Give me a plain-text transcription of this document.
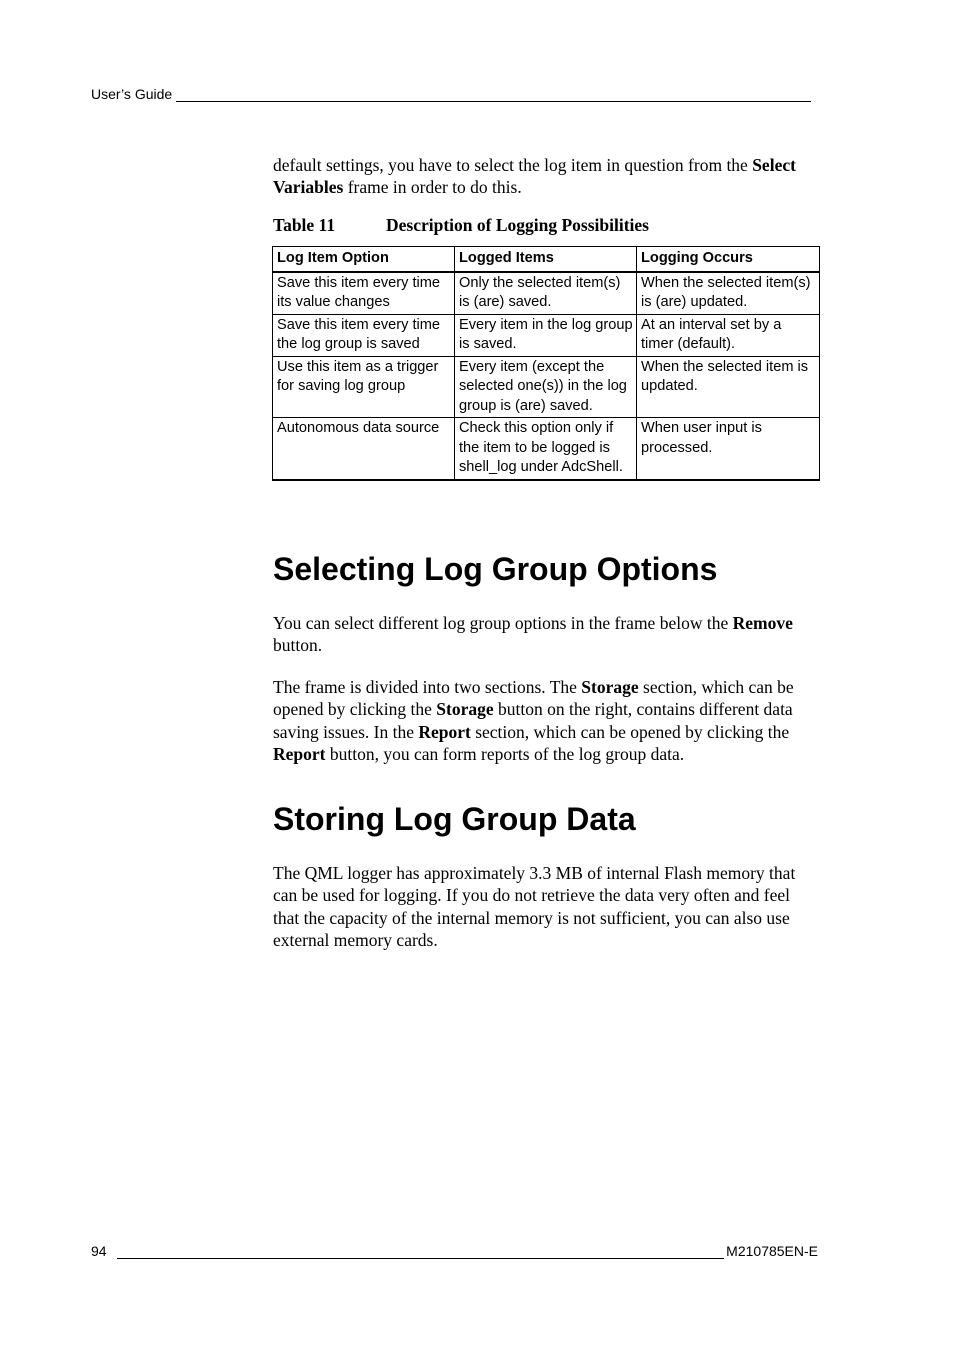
User’s Guide

default settings, you have to select the log item in question from the Select Variables frame in order to do this.

Table 11	Description of Logging Possibilities
Log Item Option	Logged Items	Logging Occurs
Save this item every time its value changes	Only the selected item(s) is (are) saved.	When the selected item(s) is (are) updated.
Save this item every time the log group is saved	Every item in the log group is saved.	At an interval set by a timer (default).
Use this item as a trigger for saving log group	Every item (except the selected one(s)) in the log group is (are) saved.	When the selected item is updated.
Autonomous data source	Check this option only if the item to be logged is shell_log under AdcShell.	When user input is processed.
Selecting Log Group Options

You can select different log group options in the frame below the Remove button.

The frame is divided into two sections. The Storage section, which can be opened by clicking the Storage button on the right, contains different data saving issues. In the Report section, which can be opened by clicking the Report button, you can form reports of the log group data.

Storing Log Group Data

The QML logger has approximately 3.3 MB of internal Flash memory that can be used for logging. If you do not retrieve the data very often and feel that the capacity of the internal memory is not sufficient, you can also use external memory cards.

94	M210785EN-E
